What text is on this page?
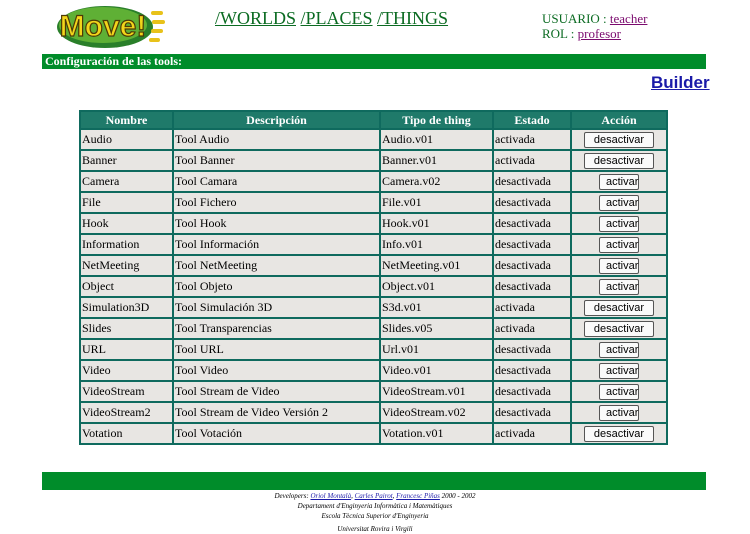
Move!	/WORLDS /PLACES /THINGS	USUARIO : teacher
ROL : profesor
Configuración de las tools:
Builder
Nombre	Descripción	Tipo de thing	Estado	Acción
Audio	Tool Audio	Audio.v01	activada	desactivar
Banner	Tool Banner	Banner.v01	activada	desactivar
Camera	Tool Camara	Camera.v02	desactivada	activar
File	Tool Fichero	File.v01	desactivada	activar
Hook	Tool Hook	Hook.v01	desactivada	activar
Information	Tool Información	Info.v01	desactivada	activar
NetMeeting	Tool NetMeeting	NetMeeting.v01	desactivada	activar
Object	Tool Objeto	Object.v01	desactivada	activar
Simulation3D	Tool Simulación 3D	S3d.v01	activada	desactivar
Slides	Tool Transparencias	Slides.v05	activada	desactivar
URL	Tool URL	Url.v01	desactivada	activar
Video	Tool Video	Video.v01	desactivada	activar
VideoStream	Tool Stream de Video	VideoStream.v01	desactivada	activar
VideoStream2	Tool Stream de Video Versión 2	VideoStream.v02	desactivada	activar
Votation	Tool Votación	Votation.v01	activada	desactivar
Developers: Oriol Montalà, Carles Pairot, Francesc Piñas 2000 - 2002
Departament d'Enginyeria Informàtica i Matemàtiques
Escola Tècnica Superior d'Enginyeria
Universitat Rovira i Virgili
